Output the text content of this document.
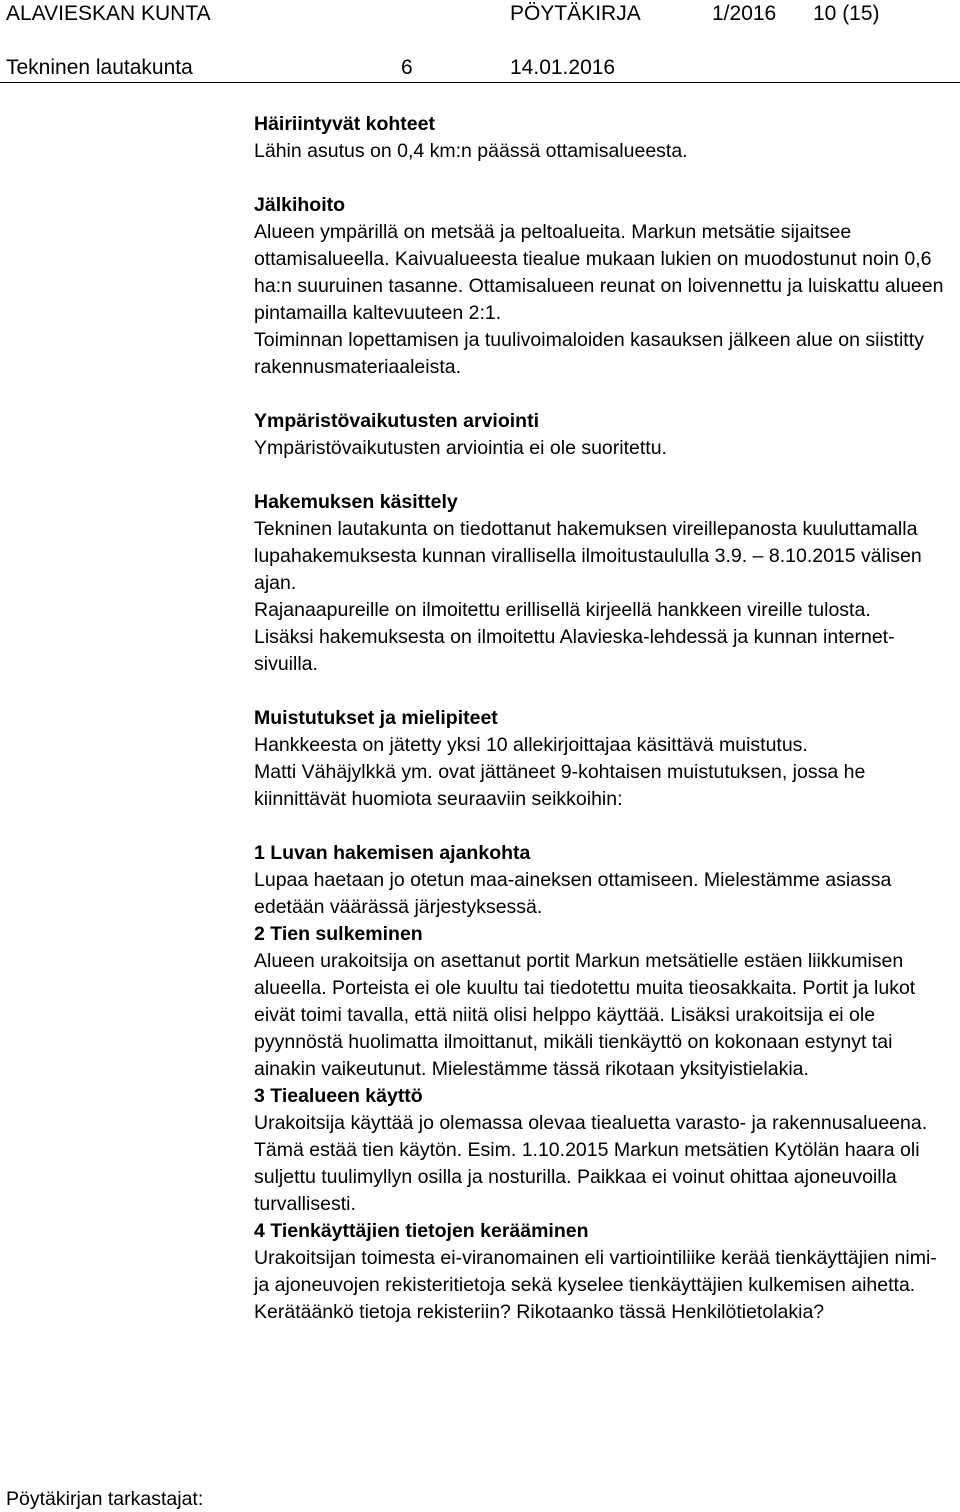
ALAVIESKAN KUNTA	PÖYTÄKIRJA	1/2016 10 (15)
Tekninen lautakunta	6	14.01.2016

Häiriintyvät kohteet

Lähin asutus on 0,4 km:n päässä ottamisalueesta.

Jälkihoito

Alueen ympärillä on metsää ja peltoalueita. Markun metsätie sijaitsee ottamisalueella. Kaivualueesta tiealue mukaan lukien on muodostunut noin 0,6 ha:n suuruinen tasanne. Ottamisalueen reunat on loivennettu ja luiskattu alueen pintamailla kaltevuuteen 2:1.

Toiminnan lopettamisen ja tuulivoimaloiden kasauksen jälkeen alue on siistitty rakennusmateriaaleista.

Ympäristövaikutusten arviointi

Ympäristövaikutusten arviointia ei ole suoritettu.

Hakemuksen käsittely

Tekninen lautakunta on tiedottanut hakemuksen vireillepanosta kuuluttamalla lupahakemuksesta kunnan virallisella ilmoitustaululla 3.9. – 8.10.2015 välisen ajan.

Rajanaapureille on ilmoitettu erillisellä kirjeellä hankkeen vireille tulosta.

Lisäksi hakemuksesta on ilmoitettu Alavieska-lehdessä ja kunnan internet-sivuilla.

Muistutukset ja mielipiteet

Hankkeesta on jätetty yksi 10 allekirjoittajaa käsittävä muistutus.

Matti Vähäjylkkä ym. ovat jättäneet 9-kohtaisen muistutuksen, jossa he kiinnittävät huomiota seuraaviin seikkoihin:

1 Luvan hakemisen ajankohta

Lupaa haetaan jo otetun maa-aineksen ottamiseen. Mielestämme asiassa edetään väärässä järjestyksessä.

2 Tien sulkeminen

Alueen urakoitsija on asettanut portit Markun metsätielle estäen liikkumisen alueella. Porteista ei ole kuultu tai tiedotettu muita tieosakkaita. Portit ja lukot eivät toimi tavalla, että niitä olisi helppo käyttää. Lisäksi urakoitsija ei ole pyynnöstä huolimatta ilmoittanut, mikäli tienkäyttö on kokonaan estynyt tai ainakin vaikeutunut. Mielestämme tässä rikotaan yksityistielakia.

3 Tiealueen käyttö

Urakoitsija käyttää jo olemassa olevaa tiealuetta varasto- ja rakennusalueena. Tämä estää tien käytön. Esim. 1.10.2015 Markun metsätien Kytölän haara oli suljettu tuulimyllyn osilla ja nosturilla. Paikkaa ei voinut ohittaa ajoneuvoilla turvallisesti.

4 Tienkäyttäjien tietojen kerääminen

Urakoitsijan toimesta ei-viranomainen eli vartiointiliike kerää tienkäyttäjien nimi- ja ajoneuvojen rekisteritietoja sekä kyselee tienkäyttäjien kulkemisen aihetta. Kerätäänkö tietoja rekisteriin? Rikotaanko tässä Henkilötietolakia?

Pöytäkirjan tarkastajat:
